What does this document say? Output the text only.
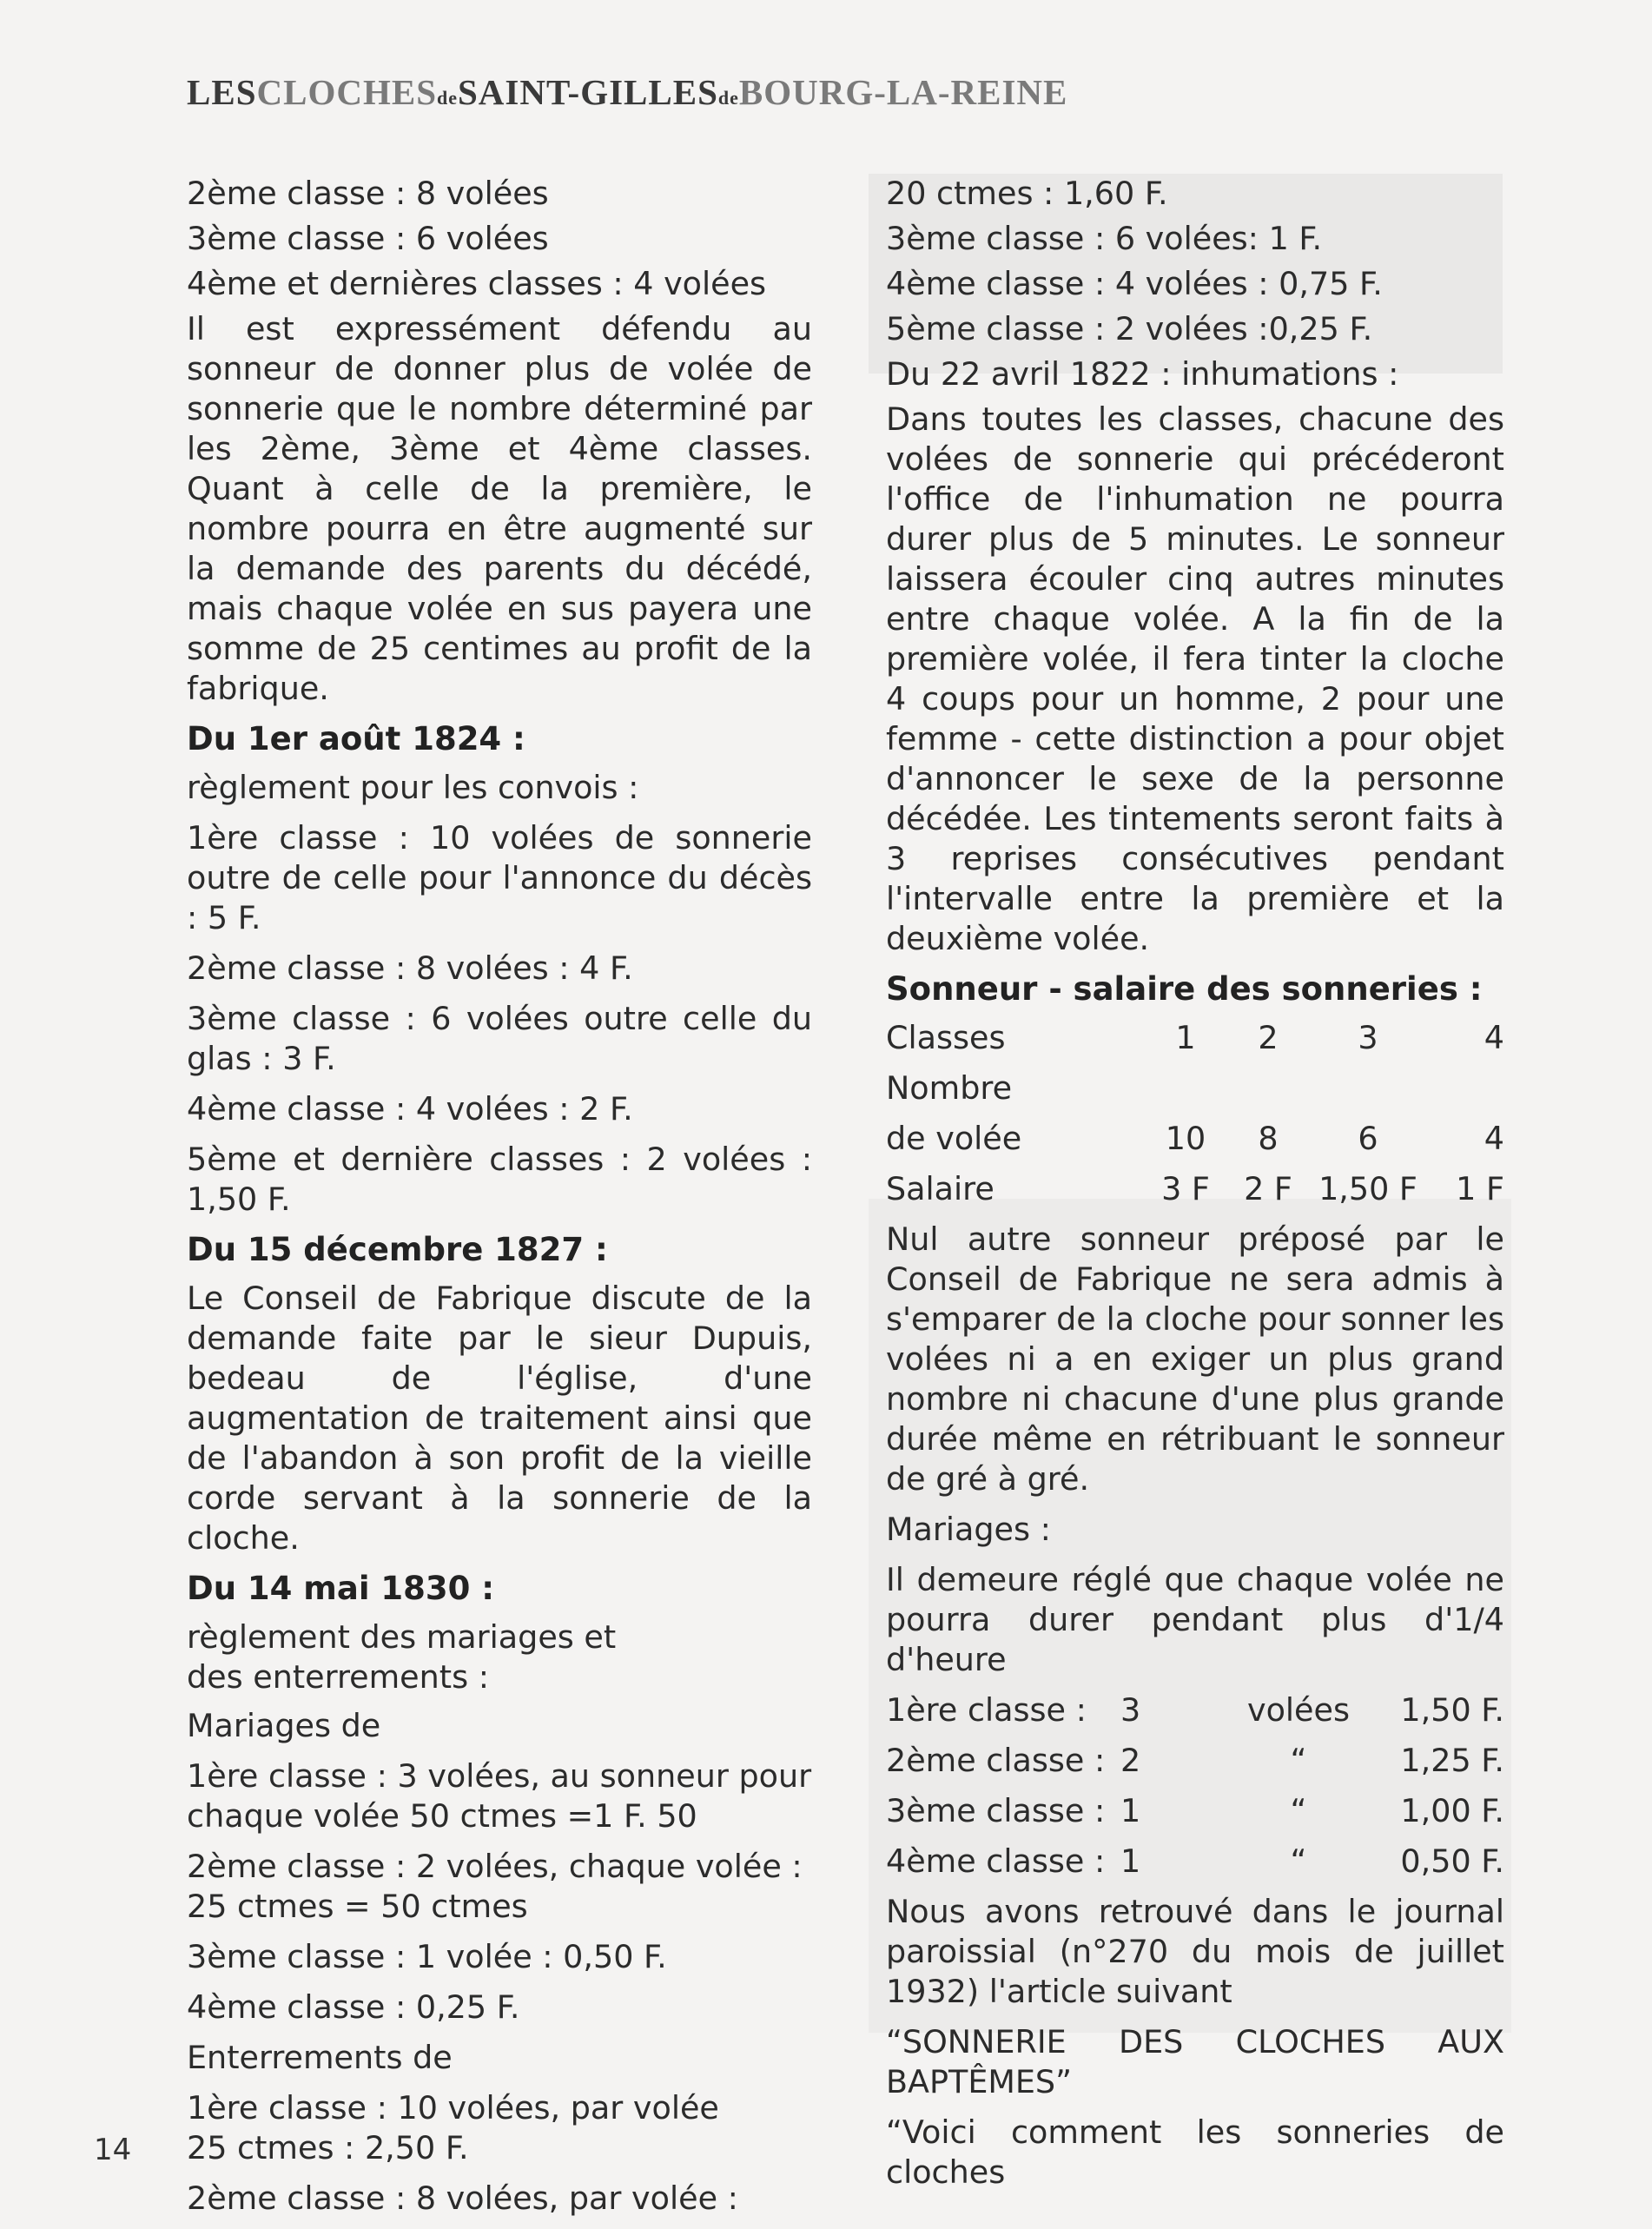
LESCLOCHESdeSAINT-GILLESdeBOURG-LA-REINE
2ème classe : 8 volées
3ème classe : 6 volées
4ème et dernières classes : 4 volées
Il est expressément défendu au sonneur de donner plus de volée de sonnerie que le nombre déterminé par les 2ème, 3ème et 4ème classes. Quant à celle de la première, le nombre pourra en être augmenté sur la demande des parents du décédé, mais chaque volée en sus payera une somme de 25 centimes au profit de la fabrique.
Du 1er août 1824 :
règlement pour les convois :
1ère classe : 10 volées de sonnerie outre de celle pour l'annonce du décès : 5 F.
2ème classe : 8 volées : 4 F.
3ème classe : 6 volées outre celle du glas : 3 F.
4ème classe : 4 volées : 2 F.
5ème et dernière classes : 2 volées : 1,50 F.
Du 15 décembre 1827 :
Le Conseil de Fabrique discute de la demande faite par le sieur Dupuis, bedeau de l'église, d'une augmentation de traitement ainsi que de l'abandon à son profit de la vieille corde servant à la sonnerie de la cloche.
Du 14 mai 1830 :
règlement des mariages et
des enterrements :
Mariages de
1ère classe : 3 volées, au sonneur pour
chaque volée 50 ctmes =1 F. 50
2ème classe : 2 volées, chaque volée :
25 ctmes = 50 ctmes
3ème classe : 1 volée : 0,50 F.
4ème classe : 0,25 F.
Enterrements de
1ère classe : 10 volées, par volée
25 ctmes : 2,50 F.
2ème classe : 8 volées, par volée :
20 ctmes : 1,60 F.
3ème classe : 6 volées: 1 F.
4ème classe : 4 volées : 0,75 F.
5ème classe : 2 volées :0,25 F.
Du 22 avril 1822 : inhumations :
Dans toutes les classes, chacune des volées de sonnerie qui précéderont l'office de l'inhumation ne pourra durer plus de 5 minutes. Le sonneur laissera écouler cinq autres minutes entre chaque volée. A la fin de la première volée, il fera tinter la cloche 4 coups pour un homme, 2 pour une femme - cette distinction a pour objet d'annoncer le sexe de la personne décédée. Les tintements seront faits à 3 reprises consécutives pendant l'intervalle entre la première et la deuxième volée.
Sonneur - salaire des sonneries :
Classes	1	2	3	4
Nombre				
de volée	10	8	6	4
Salaire	3 F	2 F	1,50 F	1 F
Nul autre sonneur préposé par le Conseil de Fabrique ne sera admis à s'emparer de la cloche pour sonner les volées ni a en exiger un plus grand nombre ni chacune d'une plus grande durée même en rétribuant le sonneur de gré à gré.
Mariages :
Il demeure réglé que chaque volée ne pourra durer pendant plus d'1/4 d'heure
1ère classe :	3	volées	1,50 F.
2ème classe :	2	“	1,25 F.
3ème classe :	1	“	1,00 F.
4ème classe :	1	“	0,50 F.
Nous avons retrouvé dans le journal paroissial (n°270 du mois de juillet 1932) l'article suivant
“SONNERIE DES CLOCHES AUX BAPTÊMES”
“Voici comment les sonneries de cloches
14
